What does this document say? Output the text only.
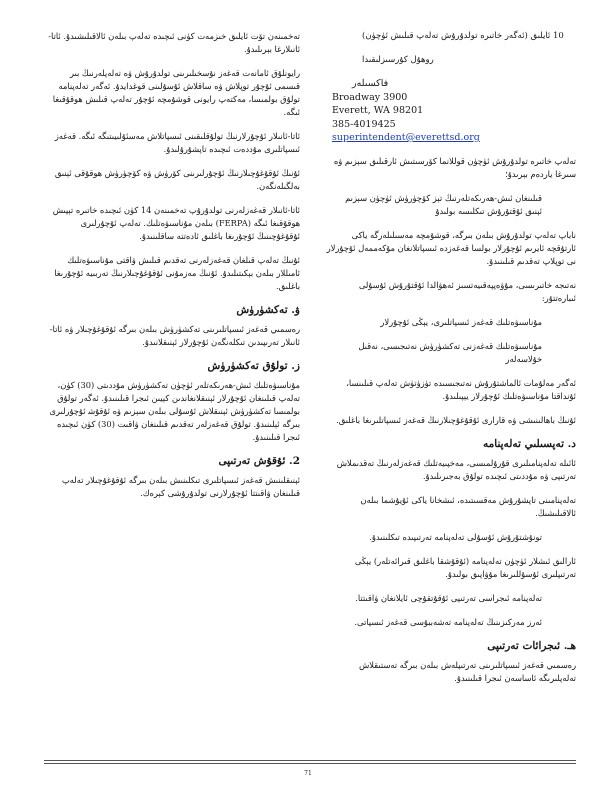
(ﺋﻪﮔﻪﺭ ﺧﺎﺗﯩﺮﻩ ﺗﻮﻟﺪﯗﺭﯗﺵ ﺗﻪﻟﻪﭖ ﻗﯩﻠﯩﺶ ﺋﯜﭼﯜﻥ) 10 ﺋﺎﻳﻠﯩﻖ
ﺭﻭﻫﯘﻝ ﻛﯘﺭﺳﯩﺰﻟﯩﻘﯩﺪﺍ
ﻓﺎﻛﺴﯩﻠﻪﺭ
Broadway 3900
Everett, WA 98201
385-4019425
superintendent@everettsd.org

ﺗﻪﻟﻪﭖ ﺧﺎﺗﯩﺮﻩ ﺗﻮﻟﺪﯗﺭﯗﺵ ﺋﯜﭼﯜﻥ ﻗﻮﻟﻼﻧﻤﺎ ﻛﯚﺭﺳﯩﺘﯩﺶ ﺋﺎﺭﻗﯩﻠﯩﻖ ﺳﯧﺰﯨﻢ ﯞﻩ ﺳﯩﺮﻏﺎ ﻳﺎﺭﺩﻩﻡ ﺑﯧﺮﯨﺪﯗ؛

ﻗﯩﻠﯩﻨﻐﺎﻥ ﺋﯩﺶ-ﻫﻪﺭﯨﻜﻪﺗﻠﻪﺭﻧﯩﯔ ﺗﯧﺰ ﻛﯚﭼﯜﺭﯛﺵ ﺋﯜﭼﯜﻥ ﺳﯧﺰﯨﻢ ﺋﯧﻨﯩﻖ ﺋﯘﻗﺘﯘﺭﯗﺵ ﺗﯩﻜﻠﯩﺴﻪ ﺑﻮﻟﯩﺪﯗ

ﻧﺎﺑﺎﭖ ﺗﻪﻟﻪﭖ ﺗﻮﻟﺪﯗﺭﯗﺵ ﺑﯩﻠﻪﻥ ﺑﯩﺮﮔﻪ، ﻗﻮﺷﯘﻣﭽﻪ ﻣﻪﺳﯩﻠﯩﻠﻪﺭﮔﻪ ﻳﺎﻛﻰ ﺋﺎﺭﺗﯘﻗﭽﻪ ﺋﺎﻳﺮﯨﻢ ﺋﯘﭼﯘﺭﻻﺭ ﺑﻮﻟﺴﺎ ﻗﻪﻏﻪﺯﺩﻩ ﺋﯩﺴﭙﺎﺗﻼﻧﻐﺎﻥ ﻣﯘﻛﻪﻣﻤﻪﻝ ﺋﯘﭼﯘﺭﻻﺭ ﻧﻰ ﺗﻮﭘﻼﭖ ﺗﻪﻗﺪﯨﻢ ﻗﯩﻠﯩﻨﯩﺪﯗ.

ﻧﻪﺗﯩﺠﻪ ﺧﺎﺗﯩﺮﯨﺴﻰ، ﻣﯘﯞﻩﭘﭙﻪﻗﯩﻴﻪﺗﺴﯩﺰ ﺋﻪﻫﯟﺍﻟﺪﺍ ﺋﯘﻗﺘﯘﺭﯗﺵ ﺋﯘﺳﯘﻟﻰ ﺋﯩﺒﺎﺭﻩﺗﺘﯘﺭ:

ﻣﯘﻧﺎﺳﯩﯟﻩﺗﻠﯩﻚ ﻗﻪﻏﻪﺯ ﺋﯩﺴﭙﺎﺗﻠﯩﺮﻯ، ﻳﯧﯖﻰ ﺋﯘﭼﯘﺭﻻﺭ

ﻣﯘﻧﺎﺳﯩﯟﻩﺗﻠﯩﻚ ﻗﻪﻏﻪﺯﻧﻰ ﺗﻪﻛﺸﯜﺭﯛﺵ ﻧﻪﺗﯩﺠﯩﺴﻰ، ﻧﻪﻗﯩﻞ ﺧﯘﻻﺳﻪﻟﻪﺭ

ﺋﻪﮔﻪﺭ ﻣﻪﻟﯘﻣﺎﺕ ﺋﺎﻟﻤﺎﺷﺘﯘﺭﯗﺵ ﻧﻪﺗﯩﺠﯩﺴﯩﺪﻩ ﺗﯜﺯﯛﺗﯜﺵ ﺗﻪﻟﻪﭖ ﻗﯩﻠﯩﻨﺴﺎ، ﺋﯘﻧﺪﺍﻗﺘﺎ ﻣﯘﻧﺎﺳﯩﯟﻩﺗﻠﯩﻚ ﺋﯘﭼﯘﺭﻻﺭ ﻳﯧﭙﯩﻠﯩﺪﯗ.

ﺋﯘﻧﯩﯔ ﺑﺎﻫﺎﻟﯩﻨﯩﺸﻰ ﯞﻩ ﻗﺎﺭﺍﺭﻯ ﺋﯘﻗﯘﻏﯘﭼﯩﻼﺭﻧﯩﯔ ﻗﻪﻏﻪﺯ ﺋﯩﺴﭙﺎﺗﻠﯩﺮﯨﻐﺎ ﺑﺎﻏﻠﯩﻖ.

ﺩ. ﺗﻪﭘﺴﯩﻠﯩﻲ ﺗﻪﻟﻪﭘﻨﺎﻣﻪ

ﺋﺎﺋﯩﻠﻪ ﺗﻪﻟﻪﭘﻨﺎﻣﯩﻠﯩﺮﻯ ﻗﯘﺭﯗﻟﻤﯩﺴﻰ، ﻣﻪﺧﭙﯩﻴﻪﺗﻠﯩﻚ ﻗﻪﻏﻪﺯﻟﻪﺭﻧﯩﯔ ﺗﻪﻗﺪﯨﻤﻼﺵ ﺗﻪﺭﺗﯩﭙﻰ ﯞﻩ ﻣﯘﺩﺩﯨﺘﻰ ﺋﯩﭽﯩﺪﻩ ﺗﻮﻟﯘﻕ ﺑﻪﺟﯩﺮﯨﻠﯩﺪﯗ.

ﺗﻪﻟﻪﭘﻨﺎﻣﯩﻨﻰ ﺗﺎﭘﺸﯘﺭﯗﺵ ﻣﻪﻗﺴﯩﺘﯩﺪﻩ، ﺋﯩﺸﺨﺎﻧﺎ ﻳﺎﻛﻰ ﺋﯘﻳﯘﺷﻤﺎ ﺑﯩﻠﻪﻥ ﺋﺎﻻﻗﯩﻠﯩﺸﯩﯔ.

ﺗﻮﻧﯘﺷﺘﯘﺭﯗﺵ ﺋﯘﺳﯘﻟﻰ ﺗﻪﻟﻪﭘﻨﺎﻣﻪ ﺗﻪﺭﺗﯩﭙﯩﺪﻩ ﺗﯩﻜﻠﯩﻨﯩﺪﯗ.

ﺋﺎﺭﺍﻟﯩﻖ ﺋﯩﺸﻼﺭ ﺋﯜﭼﯜﻥ ﺗﻪﻟﻪﭘﻨﺎﻣﻪ (ﺋﯘﻗﯘﺷﻘﺎ ﺑﺎﻏﻠﯩﻖ ﻗﯩﺮﺍﺋﻪﺗﻠﻪﺭ) ﻳﯧﯖﻰ ﺗﻪﺭﺗﯩﭙﻠﯩﺮﻯ ﺋﯘﺳﯘﻟﻠﯩﺮﯨﻐﺎ ﻣﯘﯞﺍﭘﯩﻖ ﺑﻮﻟﯩﺪﯗ.

ﺗﻪﻟﻪﭘﻨﺎﻣﻪ ﺋﯩﺠﺮﺍﺳﻰ ﺗﻪﺭﺗﯩﭙﻰ ﺋﯘﻗﯘﺗﻘﯘﭼﻰ ﺋﺎﻳﻼﻧﻐﺎﻥ ﯞﺍﻗﯩﺘﺘﺎ.

ﺋﻪﺭﺯ ﻣﻪﺭﻛﯩﺰﯨﻨﯩﯔ ﺗﻪﻟﻪﭘﻨﺎﻣﻪ ﺗﻪﺷﻪﺑﺒﯘﺳﻰ ﻗﻪﻏﻪﺯ ﺋﯩﺴﭙﺎﺗﻰ.

ﻫـ. ﺋﯩﺠﺮﺍﺋﺎﺕ ﺗﻪﺭﺗﯩﭙﻰ

ﺭﻩﺳﻤﯩﻲ ﻗﻪﻏﻪﺯ ﺋﯩﺴﭙﺎﺗﻠﯩﺮﯨﻨﻰ ﺗﻪﺭﺗﯩﭙﻠﻪﺵ ﺑﯩﻠﻪﻥ ﺑﯩﺮﮔﻪ ﺗﻪﺳﺘﯩﻘﻼﺵ ﺗﻪﻟﻪﭘﻠﯩﺮﯨﮕﻪ ﺋﺎﺳﺎﺳﻪﻥ ﺋﯩﺠﺮﺍ ﻗﯩﻠﯩﻨﯩﺪﯗ.

ﺗﻪﺧﻤﯩﻨﻪﻥ ﺗﯚﺕ ﺋﺎﻳﻠﯩﻖ ﺧﯩﺰﻣﻪﺕ ﻛﯜﻧﻰ ﺋﯩﭽﯩﺪﻩ ﺗﻪﻟﻪﭖ ﺑﯩﻠﻪﻥ ﺋﺎﻻﻗﯩﻠﯩﺸﯩﺪﯗ. ﺋﺎﺗﺎ-ﺋﺎﻧﯩﻼﺭﻏﺎ ﺑﯧﺮﯨﻠﯩﺪﯗ.

ﺭﺍﻳﻮﻧﻠﯘﻕ ﺋﺎﻣﺎﻧﻪﺕ ﻗﻪﻏﻪﺯ ﻧﯘﺳﺨﯩﻠﯩﺮﯨﻨﻰ ﺗﻮﻟﺪﯗﺭﯗﺵ ﯞﻩ ﺗﻪﻟﻪﭘﻠﻪﺭﻧﯩﯔ ﺑﯩﺮ ﻗﯩﺴﻤﻰ ﺋﯘﭼﯘﺭ ﺗﻮﭘﻼﺵ ﯞﻩ ﺳﺎﻗﻼﺵ ﺋﯘﺳﯘﻟﯩﻨﻰ ﻗﻮﻏﺪﺍﻳﺪﯗ. ﺋﻪﮔﻪﺭ ﺗﻪﻟﻪﭘﻨﺎﻣﻪ ﺗﻮﻟﯘﻕ ﺑﻮﻟﻤﯩﺴﺎ، ﻣﻪﻛﺘﻪﭖ ﺭﺍﻳﻮﻧﻰ ﻗﻮﺷﯘﻣﭽﻪ ﺋﯘﭼﯘﺭ ﺗﻪﻟﻪﭖ ﻗﯩﻠﯩﺶ ﻫﻮﻗﯘﻗﯩﻐﺎ ﺋﯩﮕﻪ.

ﺋﺎﺗﺎ-ﺋﺎﻧﯩﻼﺭ ﺋﯘﭼﯘﺭﻻﺭﻧﯩﯔ ﺗﻮﻟﯘﻗﻠﯩﻘﯩﻨﻰ ﺋﯩﺴﭙﺎﺗﻼﺵ ﻣﻪﺳﺌﯘﻟﯩﻴﯩﺘﯩﮕﻪ ﺋﯩﮕﻪ. ﻗﻪﻏﻪﺯ ﺋﯩﺴﭙﺎﺗﻠﯩﺮﻯ ﻣﯘﺩﺩﻩﺕ ﺋﯩﭽﯩﺪﻩ ﺗﺎﭘﺸﯘﺭﯗﻟﯩﺪﯗ.

ﺋﯘﻧﯩﯔ ﺋﯘﻗﯘﻏﯘﭼﯩﻼﺭﻧﯩﯔ ﺋﯘﭼﯘﺭﻟﯩﺮﯨﻨﻰ ﻛﯚﺭﯛﺵ ﯞﻩ ﻛﯚﭼﯜﺭﯛﺵ ﻫﻮﻗﯘﻗﻰ ﺋﯧﻨﯩﻖ ﺑﻪﻟﮕﯩﻠﻪﻧﮕﻪﻥ.

ﺋﺎﺗﺎ-ﺋﺎﻧﯩﻼﺭ ﻗﻪﻏﻪﺯﻟﻪﺭﻧﻰ ﺗﻮﻟﺪﯗﺭﯗﭖ ﺗﻪﺧﻤﯩﻨﻪﻥ 14 ﻛﯜﻥ ﺋﯩﭽﯩﺪﻩ ﺧﺎﺗﯩﺮﻩ ﺗﯧﭙﯩﺶ ﻫﻮﻗﯘﻗﯩﻐﺎ ﺋﯩﮕﻪ (FERPA) ﺑﯩﻠﻪﻥ ﻣﯘﻧﺎﺳﯩﯟﻩﺗﻠﯩﻚ. ﺗﻪﻟﻪﭖ ﺋﯘﭼﯘﺭﻟﯩﺮﻯ ﺋﯘﻗﯘﻏﯘﭼﯩﻨﯩﯔ ﺋﯘﭼﯘﺭﯨﻐﺎ ﺑﺎﻏﻠﯩﻖ ﺋﺎﺩﻩﺗﺘﻪ ﺳﺎﻗﻠﯩﻨﯩﺪﯗ.

ﺋﯘﻧﯩﯔ ﺗﻪﻟﻪﭖ ﻗﯩﻠﻐﺎﻥ ﻗﻪﻏﻪﺯﻟﻪﺭﻧﻰ ﺗﻪﻗﺪﯨﻢ ﻗﯩﻠﯩﺶ ﯞﺍﻗﺘﻰ ﻣﯘﻧﺎﺳﯩﯟﻩﺗﻠﯩﻚ ﺋﺎﻣﯩﻠﻼﺭ ﺑﯩﻠﻪﻥ ﺑﯧﻜﯩﺘﯩﻠﯩﺪﯗ. ﺋﯘﻧﯩﯔ ﻣﻪﺯﻣﯘﻧﻰ ﺋﯘﻗﯘﻏﯘﭼﯩﻼﺭﻧﯩﯔ ﺗﻪﺭﺑﯩﻴﻪ ﺋﯘﭼﯘﺭﯨﻐﺎ ﺑﺎﻏﻠﯩﻖ.

ﯞ. ﺗﻪﻛﺸﯜﺭﯛﺵ

ﺭﻩﺳﻤﯩﻲ ﻗﻪﻏﻪﺯ ﺋﯩﺴﭙﺎﺗﻠﯩﺮﯨﻨﻰ ﺗﻪﻛﺸﯜﺭﯛﺵ ﺑﯩﻠﻪﻥ ﺑﯩﺮﮔﻪ ﺋﯘﻗﯘﻏﯘﭼﯩﻼﺭ ﯞﻩ ﺋﺎﺗﺎ-ﺋﺎﻧﯩﻼﺭ ﺗﻪﺭﯨﭙﯩﺪﯨﻦ ﺗﯩﻜﻠﻪﻧﮕﻪﻥ ﺋﯘﭼﯘﺭﻻﺭ ﺋﯧﻨﯩﻘﻼﻧﯩﺪﯗ.

ﺯ. ﺗﻮﻟﯘﻕ ﺗﻪﻛﺸﯜﺭﯛﺵ

ﻣﯘﻧﺎﺳﯩﯟﻩﺗﻠﯩﻚ ﺋﯩﺶ-ﻫﻪﺭﯨﻜﻪﺗﻠﻪﺭ ﺋﯜﭼﯜﻥ ﺗﻪﻛﺸﯜﺭﯛﺵ ﻣﯘﺩﺩﯨﺘﻰ (30) ﻛﯜﻥ، ﺗﻪﻟﻪﭖ ﻗﯩﻠﯩﻨﻐﺎﻥ ﺋﯘﭼﯘﺭﻻﺭ ﺋﯧﻨﯩﻘﻼﻧﻐﺎﻧﺪﯨﻦ ﻛﯧﻴﯩﻦ ﺋﯩﺠﺮﺍ ﻗﯩﻠﯩﻨﯩﺪﯗ. ﺋﻪﮔﻪﺭ ﺗﻮﻟﯘﻕ ﺑﻮﻟﻤﯩﺴﺎ ﺗﻪﻛﺸﯜﺭﯛﺵ ﺋﯧﻨﯩﻘﻼﺵ ﺋﯘﺳﯘﻟﻰ ﺑﯩﻠﻪﻥ ﺳﯧﺰﯨﻢ ﯞﻩ ﺋﯘﻗﯘﺷ ﺋﯘﭼﯘﺭﻟﯩﺮﻯ ﺑﯩﺮﮔﻪ ﺋﯧﻠﯩﻨﯩﺪﯗ. ﺗﻮﻟﯘﻕ ﻗﻪﻏﻪﺯﻟﻪﺭ ﺗﻪﻗﺪﯨﻢ ﻗﯩﻠﯩﻨﻐﺎﻥ ﯞﺍﻗﯩﺖ (30) ﻛﯜﻥ ﺋﯩﭽﯩﺪﻩ ﺋﯩﺠﺮﺍ ﻗﯩﻠﯩﻨﯩﺪﯗ.

2. ﺋﯘﻗﯘﺵ ﺗﻪﺭﺗﯩﭙﻰ

ﺋﯧﻨﯩﻘﻠﯩﻨﯩﺶ ﻗﻪﻏﻪﺯ ﺋﯩﺴﭙﺎﺗﻠﯩﺮﻯ ﺗﯩﻜﻠﯩﻨﯩﺶ ﺑﯩﻠﻪﻥ ﺑﯩﺮﮔﻪ ﺋﯘﻗﯘﻏﯘﭼﯩﻼﺭ ﺗﻪﻟﻪﭖ ﻗﯩﻠﯩﻨﻐﺎﻥ ﯞﺍﻗﯩﺘﺘﺎ ﺋﯘﭼﯘﺭﻻﺭﻧﻰ ﺗﻮﻟﺪﯗﺭﯗﺷﻰ ﻛﯧﺮﻩﻙ.

71
